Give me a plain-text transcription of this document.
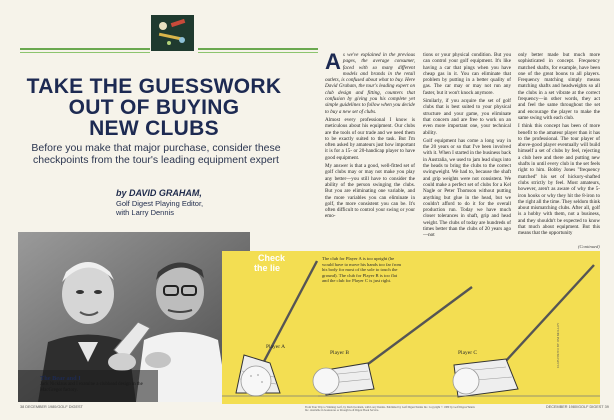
TAKE THE GUESSWORK
OUT OF BUYING
NEW CLUBS
Before you make that major purchase, consider these checkpoints from the tour's leading equipment expert
by DAVID GRAHAM,
Golf Digest Playing Editor,
with Larry Dennis
A s we've explained in the previous pages, the average consumer, faced with so many different models and brands in the retail outlets, is confused about what to buy. Here David Graham, the tour's leading expert on club design and fitting, counters that confusion by giving you his complete yet simple guidelines to follow when you decide to buy a new set of clubs.

Almost every professional I know is meticulous about his equipment. Our clubs are the tools of our trade and we need them to be exactly suited to the task. But I'm often asked by amateurs just how important it is for a 15- or 20-handicap player to have good equipment.

My answer is that a good, well-fitted set of golf clubs may or may not make you play any better—you still have to consider the ability of the person swinging the clubs. But you are eliminating one variable, and the more variables you can eliminate in golf, the more consistent you can be. It's often difficult to control your swing or your emo-

tions or your physical condition. But you can control your golf equipment. It's like having a car that pings when you have cheap gas in it. You can eliminate that problem by putting in a better quality of gas. The car may or may not run any faster, but it won't knock anymore.

Similarly, if you acquire the set of golf clubs that is best suited to your physical structure and your game, you eliminate that concern and are free to work on an even more important one, your technical ability.

Golf equipment has come a long way in the 20 years or so that I've been involved with it. When I started in the business back in Australia, we used to jam lead slugs into the heads to bring the clubs to the correct swingweight. We had to, because the shaft and grip weights were not consistent. We could make a perfect set of clubs for a Kel Nagle or Peter Thomson without putting anything but glue in the head, but we couldn't afford to do it for the overall production run. Today we have much closer tolerances in shaft, grip and head weight. The clubs of today are hundreds of times better than the clubs of 20 years ago—not

only better made but much more sophisticated in concept. Frequency matched shafts, for example, have been one of the great boons to all players. Frequency matching simply means matching shafts and headweights so all the clubs in a set vibrate at the correct frequency—in other words, they act and feel the same throughout the set and encourage the player to make the same swing with each club.

I think this concept has been of more benefit to the amateur player than it has to the professional. The tour player of above-good player eventually will build himself a set of clubs by feel, rejecting a club here and there and putting new shafts in until every club in the set feels right to him. Bobby Jones "frequency matched" his set of hickory-shafted clubs strictly by feel. Most amateurs, however, aren't as aware of why the 5-iron hooks or why they hit the 8-iron to the right all the time. They seldom think about mismatching clubs. After all, golf is a hobby with them, not a business, and they shouldn't be expected to know that much about equipment. But this means that the opportunity

(Continued)
Check
the lie
The club for Player A is too upright (he would have to move his hands too far from his body for most of the sole to touch the ground). The club for Player B is too flat and the club for Player C is just right.
Player A
Player B	Player C
The Bear and I
Jack Nicklaus and I examine a clubhead design in the MacGregor factory.
CLUB PHOTO BY JIM MOLLOY
38 DECEMBER 1980/GOLF DIGEST	From Your Way to Winning Golf, by David Graham, with Larry Dennis. Published by Golf Digest/Tennis Inc. Copyright © 1980 by Golf Digest/Tennis Inc. Available in bookstores or through Golf Digest Book Service.
DECEMBER 1980/GOLF DIGEST 39
